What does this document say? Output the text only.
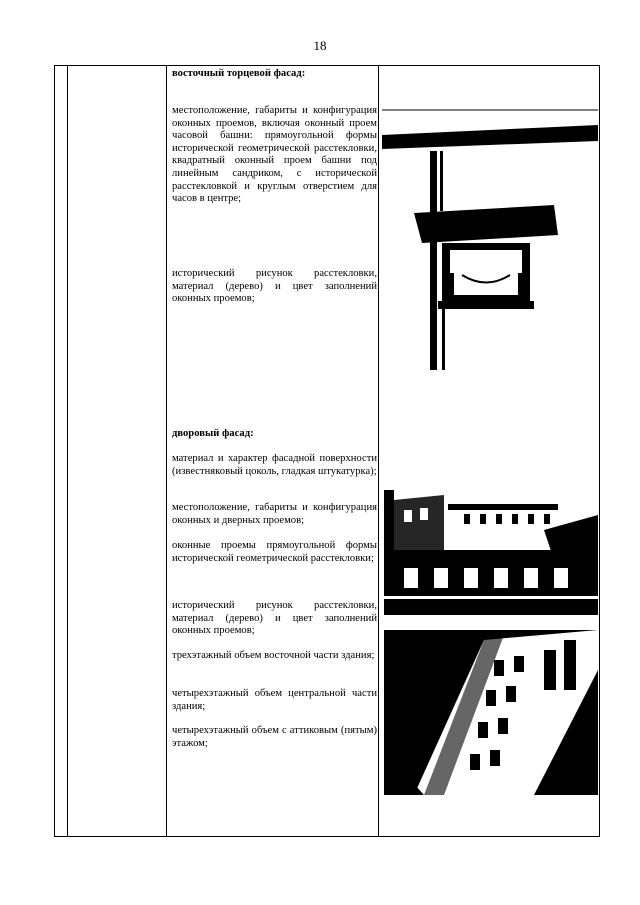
18
восточный торцевой фасад:
местоположение, габариты и конфигурация оконных проемов, включая оконный проем часовой башни: прямоугольной формы исторической геометрической расстекловки, квадратный оконный проем башни под линейным сандриком, с исторической расстекловкой и круглым отверстием для часов в центре;
исторический рисунок расстекловки, материал (дерево) и цвет заполнений оконных проемов;
дворовый фасад:
материал и характер фасадной поверхности (известняковый цоколь, гладкая штукатурка);
местоположение, габариты и конфигурация оконных и дверных проемов;
оконные проемы прямоугольной формы исторической геометрической расстекловки;
исторический рисунок расстекловки, материал (дерево) и цвет заполнений оконных проемов;
трехэтажный объем восточной части здания;
четырехэтажный объем центральной части здания;
четырехэтажный объем с аттиковым (пятым) этажом;
